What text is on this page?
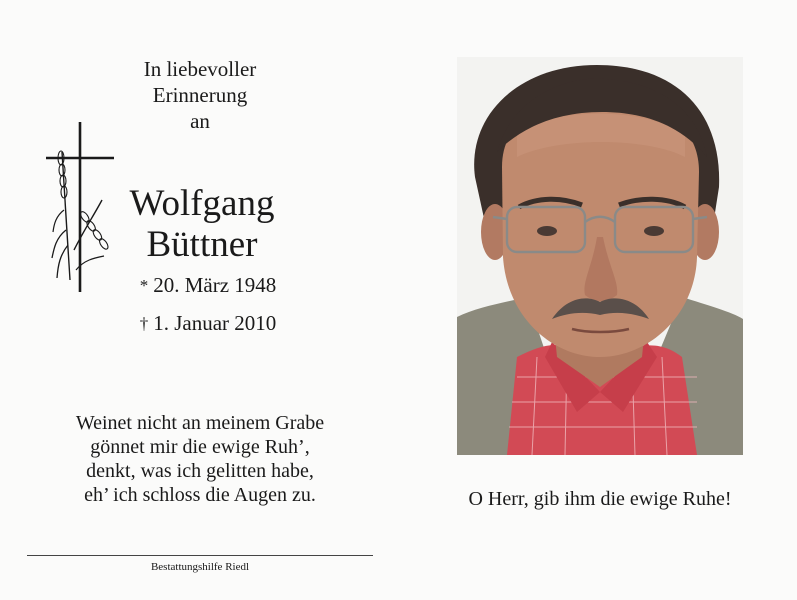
In liebevoller
Erinnerung
an
Wolfgang
Büttner
* 20. März 1948
† 1. Januar 2010
Weinet nicht an meinem Grabe
gönnet mir die ewige Ruh’,
denkt, was ich gelitten habe,
eh’ ich schloss die Augen zu.
Bestattungshilfe Riedl
O Herr, gib ihm die ewige Ruhe!
